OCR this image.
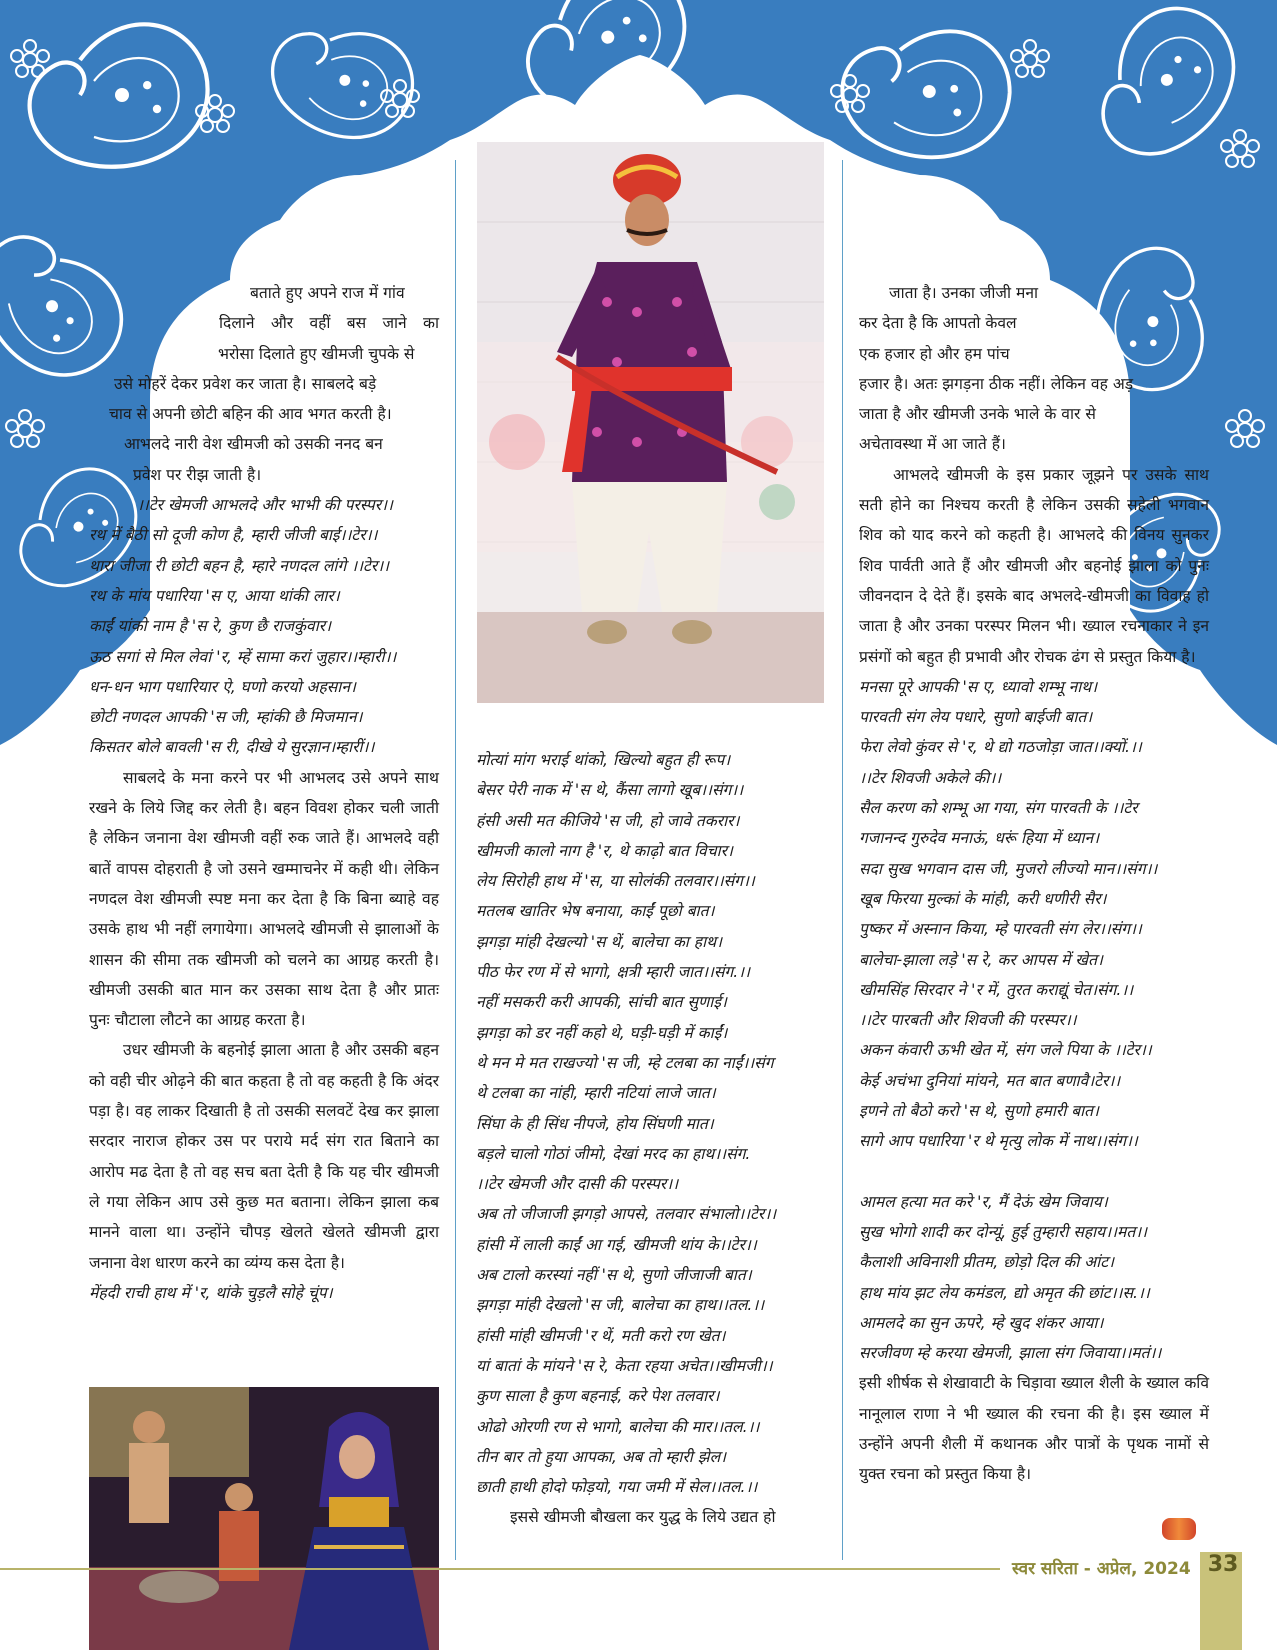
बताते हुए अपने राज में गांव

दिलाने और वहीं बस जाने का

भरोसा दिलाते हुए खीमजी चुपके से

उसे मोहरें देकर प्रवेश कर जाता है। साबलदे बड़े

चाव से अपनी छोटी बहिन की आव भगत करती है।

आभलदे नारी वेश खीमजी को उसकी ननद बन

प्रवेश पर रीझ जाती है।

।।टेर खेमजी आभलदे और भाभी की परस्पर।।

रथ में बैठी सो दूजी कोण है, म्हारी जीजी बाई।।टेर।।

थारा जीजा री छोटी बहन है, म्हारे नणदल लांगे ।।टेर।।

रथ के मांय पधारिया 'स ए, आया थांकी लार।

काईं यांको नाम है 'स रे, कुण छै राजकुंवार।

ऊठ सगां से मिल लेवां 'र, म्हें सामा करां जुहार।।म्हारी।।

धन-धन भाग पधारियार ऐ, घणो करयो अहसान।

छोटी नणदल आपकी 'स जी, म्हांकी छै मिजमान।

किसतर बोले बावली 'स री, दीखे ये सुरज्ञान।म्हारीं।।

साबलदे के मना करने पर भी आभलद उसे अपने साथ रखने के लिये जिद्द कर लेती है। बहन विवश होकर चली जाती है लेकिन जनाना वेश खीमजी वहीं रुक जाते हैं। आभलदे वही बातें वापस दोहराती है जो उसने खम्माचनेर में कही थी। लेकिन नणदल वेश खीमजी स्पष्ट मना कर देता है कि बिना ब्याहे वह उसके हाथ भी नहीं लगायेगा। आभलदे खीमजी से झालाओं के शासन की सीमा तक खीमजी को चलने का आग्रह करती है। खीमजी उसकी बात मान कर उसका साथ देता है और प्रातः पुनः चौटाला लौटने का आग्रह करता है।

उधर खीमजी के बहनोई झाला आता है और उसकी बहन को वही चीर ओढ़ने की बात कहता है तो वह कहती है कि अंदर पड़ा है। वह लाकर दिखाती है तो उसकी सलवटें देख कर झाला सरदार नाराज होकर उस पर पराये मर्द संग रात बिताने का आरोप मढ देता है तो वह सच बता देती है कि यह चीर खीमजी ले गया लेकिन आप उसे कुछ मत बताना। लेकिन झाला कब मानने वाला था। उन्होंने चौपड़ खेलते खेलते खीमजी द्वारा जनाना वेश धारण करने का व्यंग्य कस देता है।

मेंहदी राची हाथ में 'र, थांके चुड़लै सोहे चूंप।

मोत्यां मांग भराई थांको, खिल्यो बहुत ही रूप।

बेसर पेरी नाक में 'स थे, कैंसा लागो खूब।।संग।।

हंसी असी मत कीजिये 'स जी, हो जावे तकरार।

खीमजी कालो नाग है 'र, थे काढ़ो बात विचार।

लेय सिरोही हाथ में 'स, या सोलंकी तलवार।।संग।।

मतलब खातिर भेष बनाया, काईं पूछो बात।

झगड़ा मांही देखल्यो 'स थें, बालेचा का हाथ।

पीठ फेर रण में से भागो, क्षत्री म्हारी जात।।संग.।।

नहीं मसकरी करी आपकी, सांची बात सुणाई।

झगड़ा को डर नहीं कहो थे, घड़ी-घड़ी में काईं।

थे मन मे मत राखज्यो 'स जी, म्हे टलबा का नाईं।।संग

थे टलबा का नांही, म्हारी नटियां लाजे जात।

सिंघा के ही सिंध नीपजे, होय सिंघणी मात।

बड़ले चालो गोठां जीमो, देखां मरद का हाथ।।संग.

।।टेर खेमजी और दासी की परस्पर।।

अब तो जीजाजी झगड़ो आपसे, तलवार संभालो।।टेर।।

हांसी में लाली काईं आ गई, खीमजी थांय के।।टेर।।

अब टालो करस्यां नहीं 'स थे, सुणो जीजाजी बात।

झगड़ा मांही देखलो 'स जी, बालेचा का हाथ।।तल.।।

हांसी मांही खीमजी 'र थें, मती करो रण खेत।

यां बातां के मांयने 'स रे, केता रहया अचेत।।खीमजी।।

कुण साला है कुण बहनाई, करे पेश तलवार।

ओढो ओरणी रण से भागो, बालेचा की मार।।तल.।।

तीन बार तो हुया आपका, अब तो म्हारी झेल।

छाती हाथी होदो फोड़यो, गया जमी में सेल।।तल.।।

इससे खीमजी बौखला कर युद्ध के लिये उद्यत हो

जाता है। उनका जीजी मना

कर देता है कि आपतो केवल

एक हजार हो और हम पांच

हजार है। अतः झगड़ना ठीक नहीं। लेकिन वह अड़

जाता है और खीमजी उनके भाले के वार से

अचेतावस्था में आ जाते हैं।

आभलदे खीमजी के इस प्रकार जूझने पर उसके साथ सती होने का निश्चय करती है लेकिन उसकी सहेली भगवान शिव को याद करने को कहती है। आभलदे की विनय सुनकर शिव पार्वती आते हैं और खीमजी और बहनोई झाला को पुनः जीवनदान दे देते हैं। इसके बाद अभलदे-खीमजी का विवाह हो जाता है और उनका परस्पर मिलन भी। ख्याल रचनाकार ने इन प्रसंगों को बहुत ही प्रभावी और रोचक ढंग से प्रस्तुत किया है।

मनसा पूरे आपकी 'स ए, ध्यावो शम्भू नाथ।

पारवती संग लेय पधारे, सुणो बाईजी बात।

फेरा लेवो कुंवर से 'र, थे द्यो गठजोड़ा जात।।क्यों.।।

।।टेर शिवजी अकेले की।।

सैल करण को शम्भू आ गया, संग पारवती के ।।टेर

गजानन्द गुरुदेव मनाऊं, धरूं हिया में ध्यान।

सदा सुख भगवान दास जी, मुजरो लीज्यो मान।।संग।।

खूब फिरया मुल्कां के मांही, करी धणीरी सैर।

पुष्कर में अस्नान किया, म्हे पारवती संग लेर।।संग।।

बालेचा-झाला लड़े 'स रे, कर आपस में खेत।

खीमसिंह सिरदार ने 'र में, तुरत कराद्यूं चेत।संग.।।

।।टेर पारबती और शिवजी की परस्पर।।

अकन कंवारी ऊभी खेत में, संग जले पिया के ।।टेर।।

केई अचंभा दुनियां मांयने, मत बात बणावै।टेर।।

इणने तो बैठो करो 'स थे, सुणो हमारी बात।

सागे आप पधारिया 'र थे मृत्यु लोक में नाथ।।संग।।

आमल हत्या मत करे 'र, मैं देऊं खेम जिवाय।

सुख भोगो शादी कर दोन्यूं, हुई तुम्हारी सहाय।।मत।।

कैलाशी अविनाशी प्रीतम, छोड़ो दिल की आंट।

हाथ मांय झट लेय कमंडल, द्यो अमृत की छांट।।स.।।

आमलदे का सुन ऊपरे, म्हे खुद शंकर आया।

सरजीवण म्हे करया खेमजी, झाला संग जिवाया।।मतं।।

इसी शीर्षक से शेखावाटी के चिड़ावा ख्याल शैली के ख्याल कवि नानूलाल राणा ने भी ख्याल की रचना की है। इस ख्याल में उन्होंने अपनी शैली में कथानक और पात्रों के पृथक नामों से युक्त रचना को प्रस्तुत किया है।

स्वर सरिता - अप्रेल, 2024 33
